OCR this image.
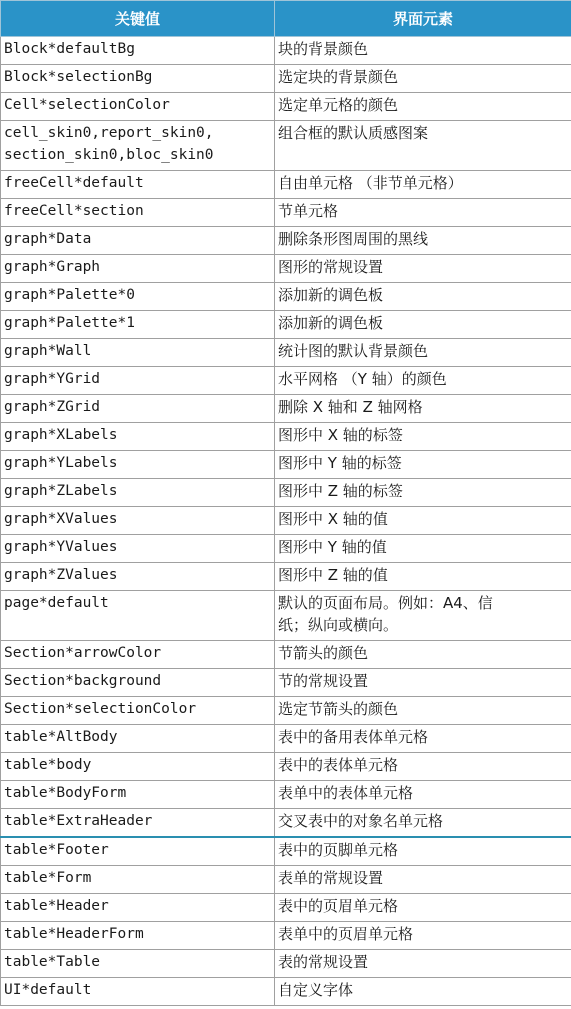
关键值	界面元素
Block*defaultBg	块的背景颜色
Block*selectionBg	选定块的背景颜色
Cell*selectionColor	选定单元格的颜色
cell_skin0,report_skin0,
section_skin0,bloc_skin0	组合框的默认质感图案
freeCell*default	自由单元格 （非节单元格）
freeCell*section	节单元格
graph*Data	删除条形图周围的黑线
graph*Graph	图形的常规设置
graph*Palette*0	添加新的调色板
graph*Palette*1	添加新的调色板
graph*Wall	统计图的默认背景颜色
graph*YGrid	水平网格 （Y 轴）的颜色
graph*ZGrid	删除 X 轴和 Z 轴网格
graph*XLabels	图形中 X 轴的标签
graph*YLabels	图形中 Y 轴的标签
graph*ZLabels	图形中 Z 轴的标签
graph*XValues	图形中 X 轴的值
graph*YValues	图形中 Y 轴的值
graph*ZValues	图形中 Z 轴的值
page*default	默认的页面布局。例如：A4、信
纸；纵向或横向。
Section*arrowColor	节箭头的颜色
Section*background	节的常规设置
Section*selectionColor	选定节箭头的颜色
table*AltBody	表中的备用表体单元格
table*body	表中的表体单元格
table*BodyForm	表单中的表体单元格
table*ExtraHeader	交叉表中的对象名单元格
table*Footer	表中的页脚单元格
table*Form	表单的常规设置
table*Header	表中的页眉单元格
table*HeaderForm	表单中的页眉单元格
table*Table	表的常规设置
UI*default	自定义字体
